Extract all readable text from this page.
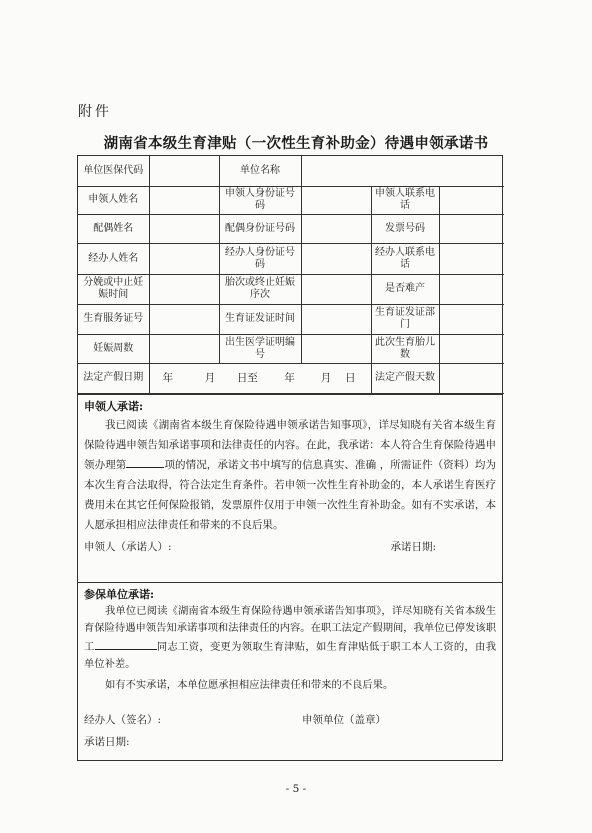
附件
湖南省本级生育津贴（一次性生育补助金）待遇申领承诺书
单位医保代码		单位名称			
申领人姓名		申领人身份证号码		申领人联系电话	
配偶姓名		配偶身份证号码		发票号码	
经办人姓名		经办人身份证号码		经办人联系电话	
分娩或中止妊娠时间		胎次或终止妊娠序次		是否难产	
生育服务证号		生育证发证时间		生育证发证部门	
妊娠周数		出生医学证明编号		此次生育胎儿数	
法定产假日期	年 月 日至 年 月 日			法定产假天数	
申领人承诺:

我已阅读《湖南省本级生育保险待遇申领承诺告知事项》，详尽知晓有关省本级生育保险待遇申领告知承诺事项和法律责任的内容。在此，我承诺：本人符合生育保险待遇申领办理第	项的情况，承诺文书中填写的信息真实、准确 ，所需证件（资料）均为本次生育合法取得，符合法定生育条件。若申领一次性生育补助金的，本人承诺生育医疗费用未在其它任何保险报销，发票原件仅用于申领一次性生育补助金。如有不实承诺，本人愿承担相应法律责任和带来的不良后果。

申领人（承诺人）:	承诺日期:
参保单位承诺:

我单位已阅读《湖南省本级生育保险待遇申领承诺告知事项》，详尽知晓有关省本级生育保险待遇申领告知承诺事项和法律责任的内容。在职工法定产假期间，我单位已停发该职工	同志工资，变更为领取生育津贴，如生育津贴低于职工本人工资的，由我单位补差。

如有不实承诺，本单位愿承担相应法律责任和带来的不良后果。

经办人（签名）:	申领单位（盖章）
承诺日期:
- 5 -
